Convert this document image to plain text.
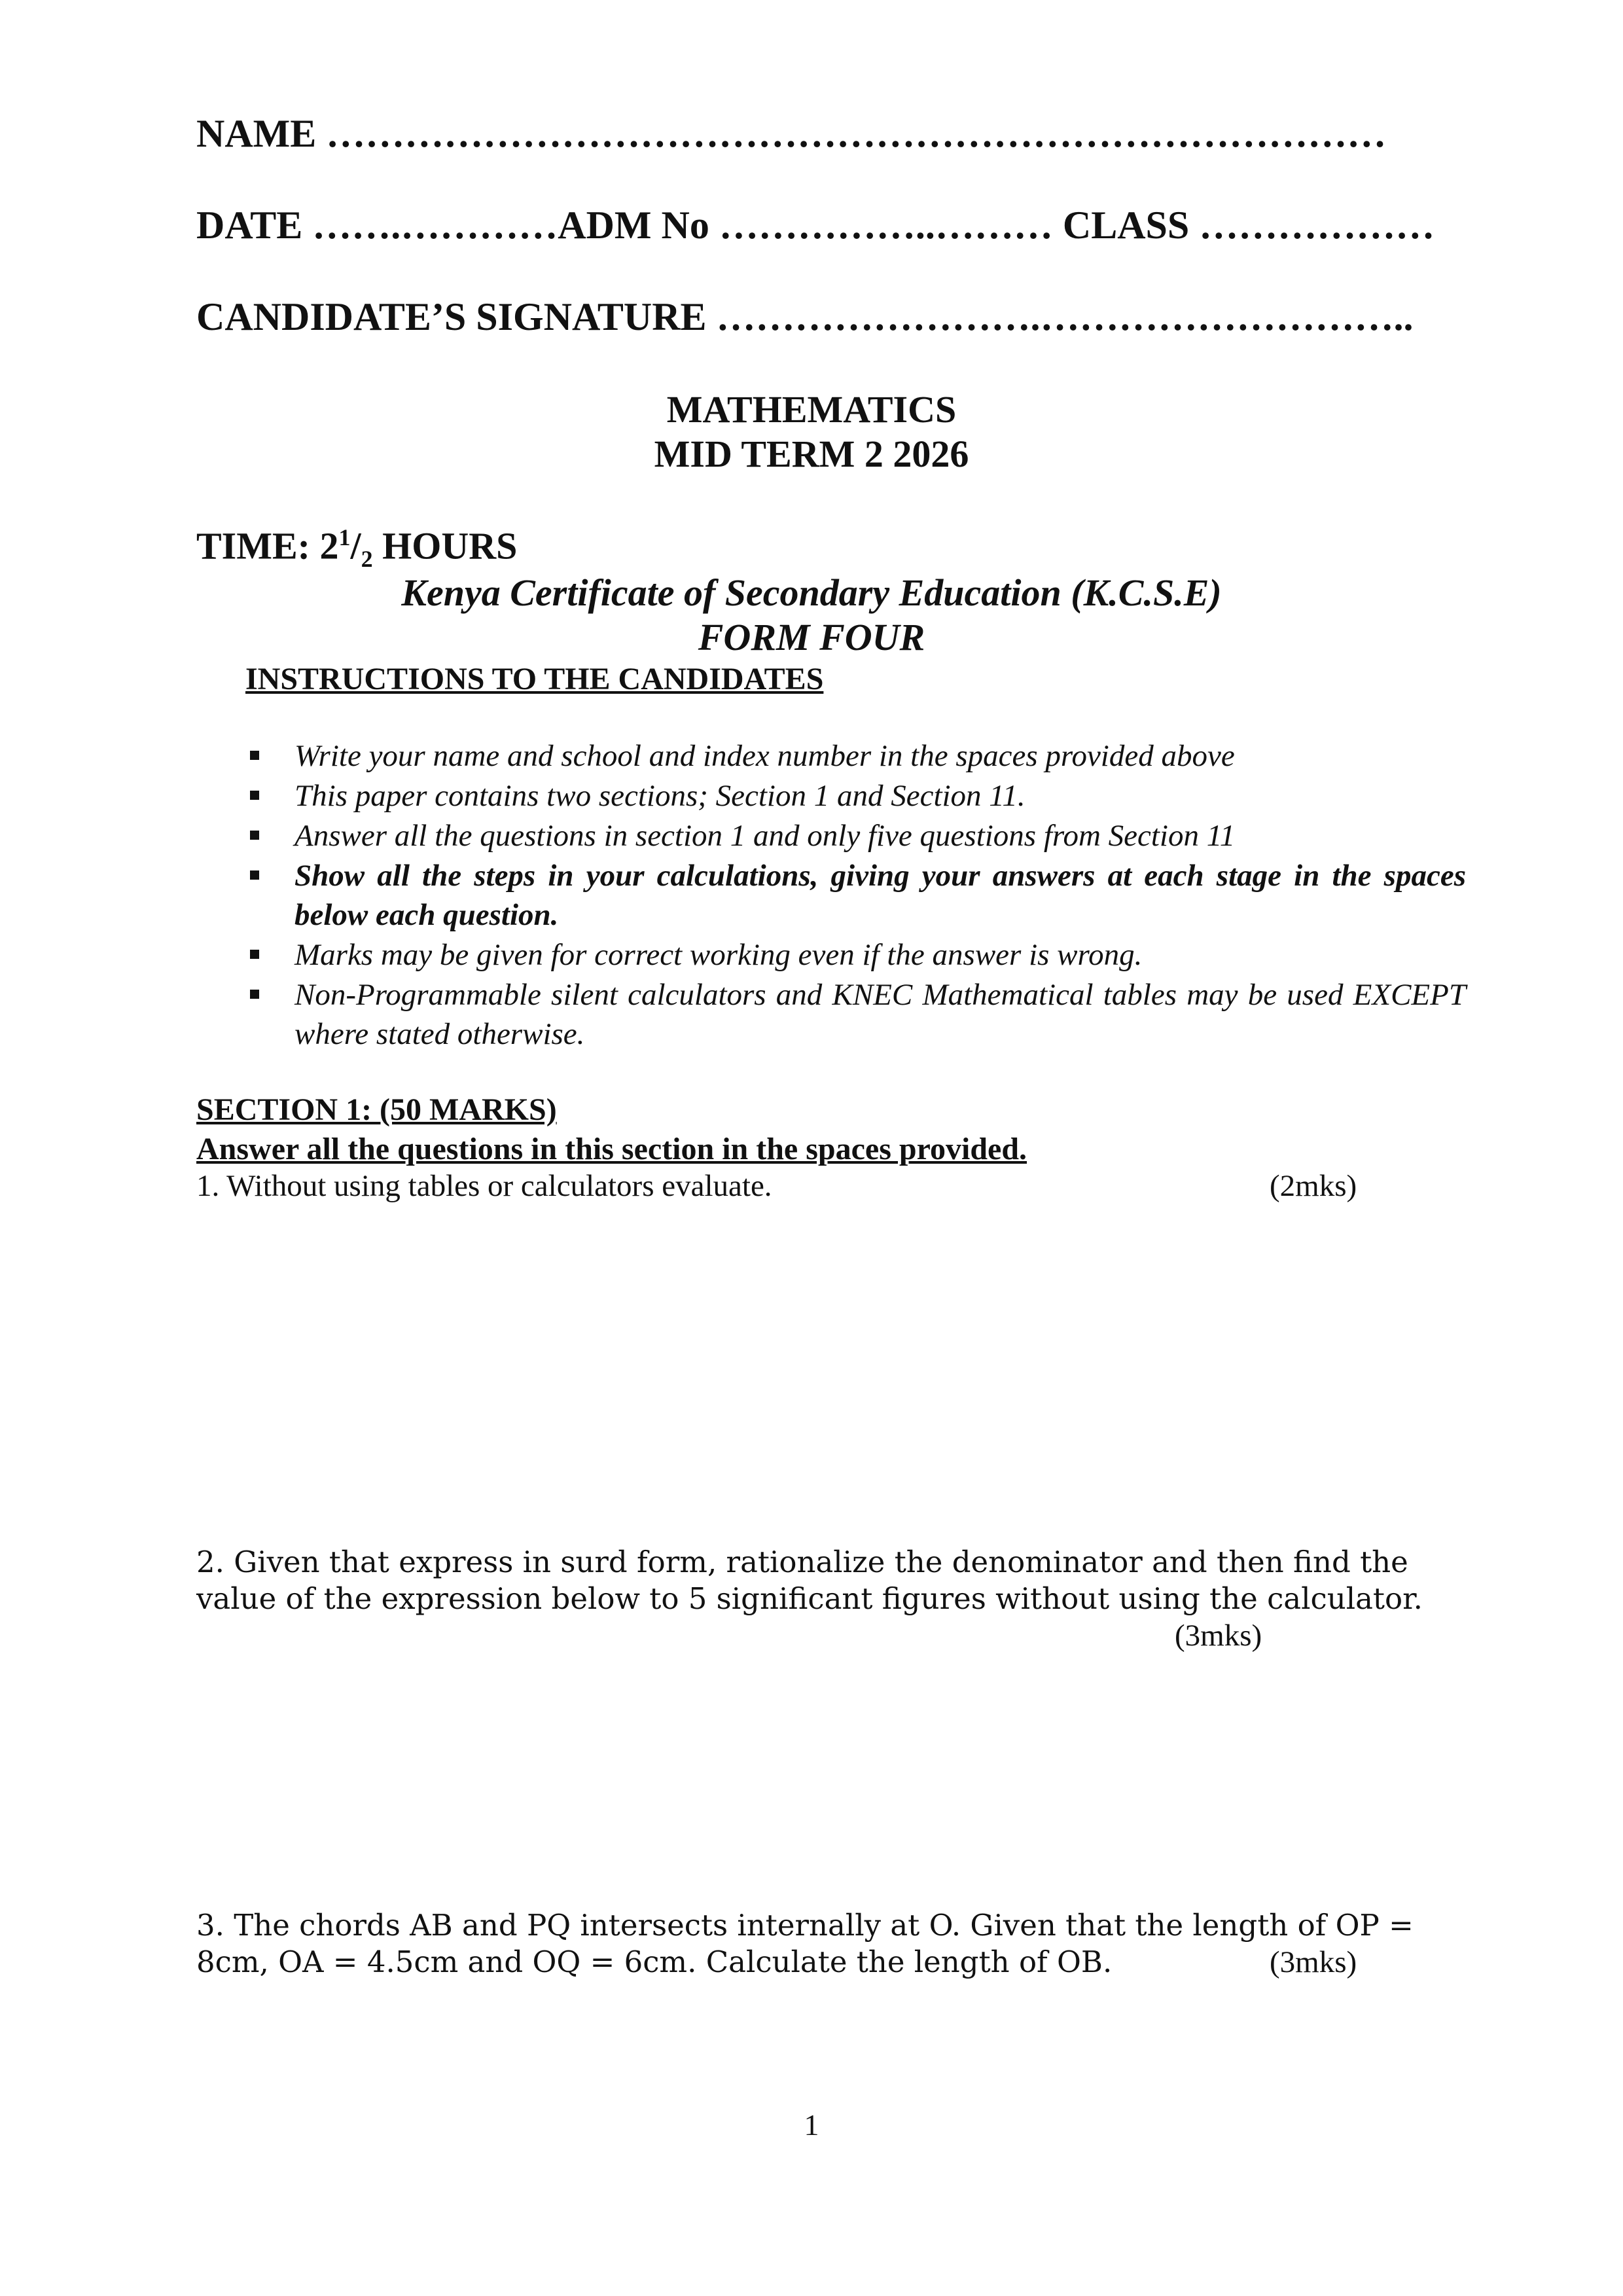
NAME ………………………………………………………………………
DATE …….…………ADM No ……………..……… CLASS ………………
CANDIDATE’S SIGNATURE …………………….………………………..
MATHEMATICS
MID TERM 2 2026
TIME: $2^1/_2$ HOURS
Kenya Certificate of Secondary Education (K.C.S.E)
FORM FOUR
INSTRUCTIONS TO THE CANDIDATES
Write your name and school and index number in the spaces provided above
This paper contains two sections; Section 1 and Section 11.
Answer all the questions in section 1 and only five questions from Section 11
Show all the steps in your calculations, giving your answers at each stage in the spaces below each question.
Marks may be given for correct working even if the answer is wrong.
Non-Programmable silent calculators and KNEC Mathematical tables may be used EXCEPT where stated otherwise.
SECTION 1: (50 MARKS)
Answer all the questions in this section in the spaces provided.
1. Without using tables or calculators evaluate.	(2mks)
2. Given that express in surd form, rationalize the denominator and then find the
value of the expression below to 5 significant figures without using the calculator.
(3mks)
3. The chords AB and PQ intersects internally at O. Given that the length of OP =
8cm, OA = 4.5cm and OQ = 6cm. Calculate the length of OB.	(3mks)
1
